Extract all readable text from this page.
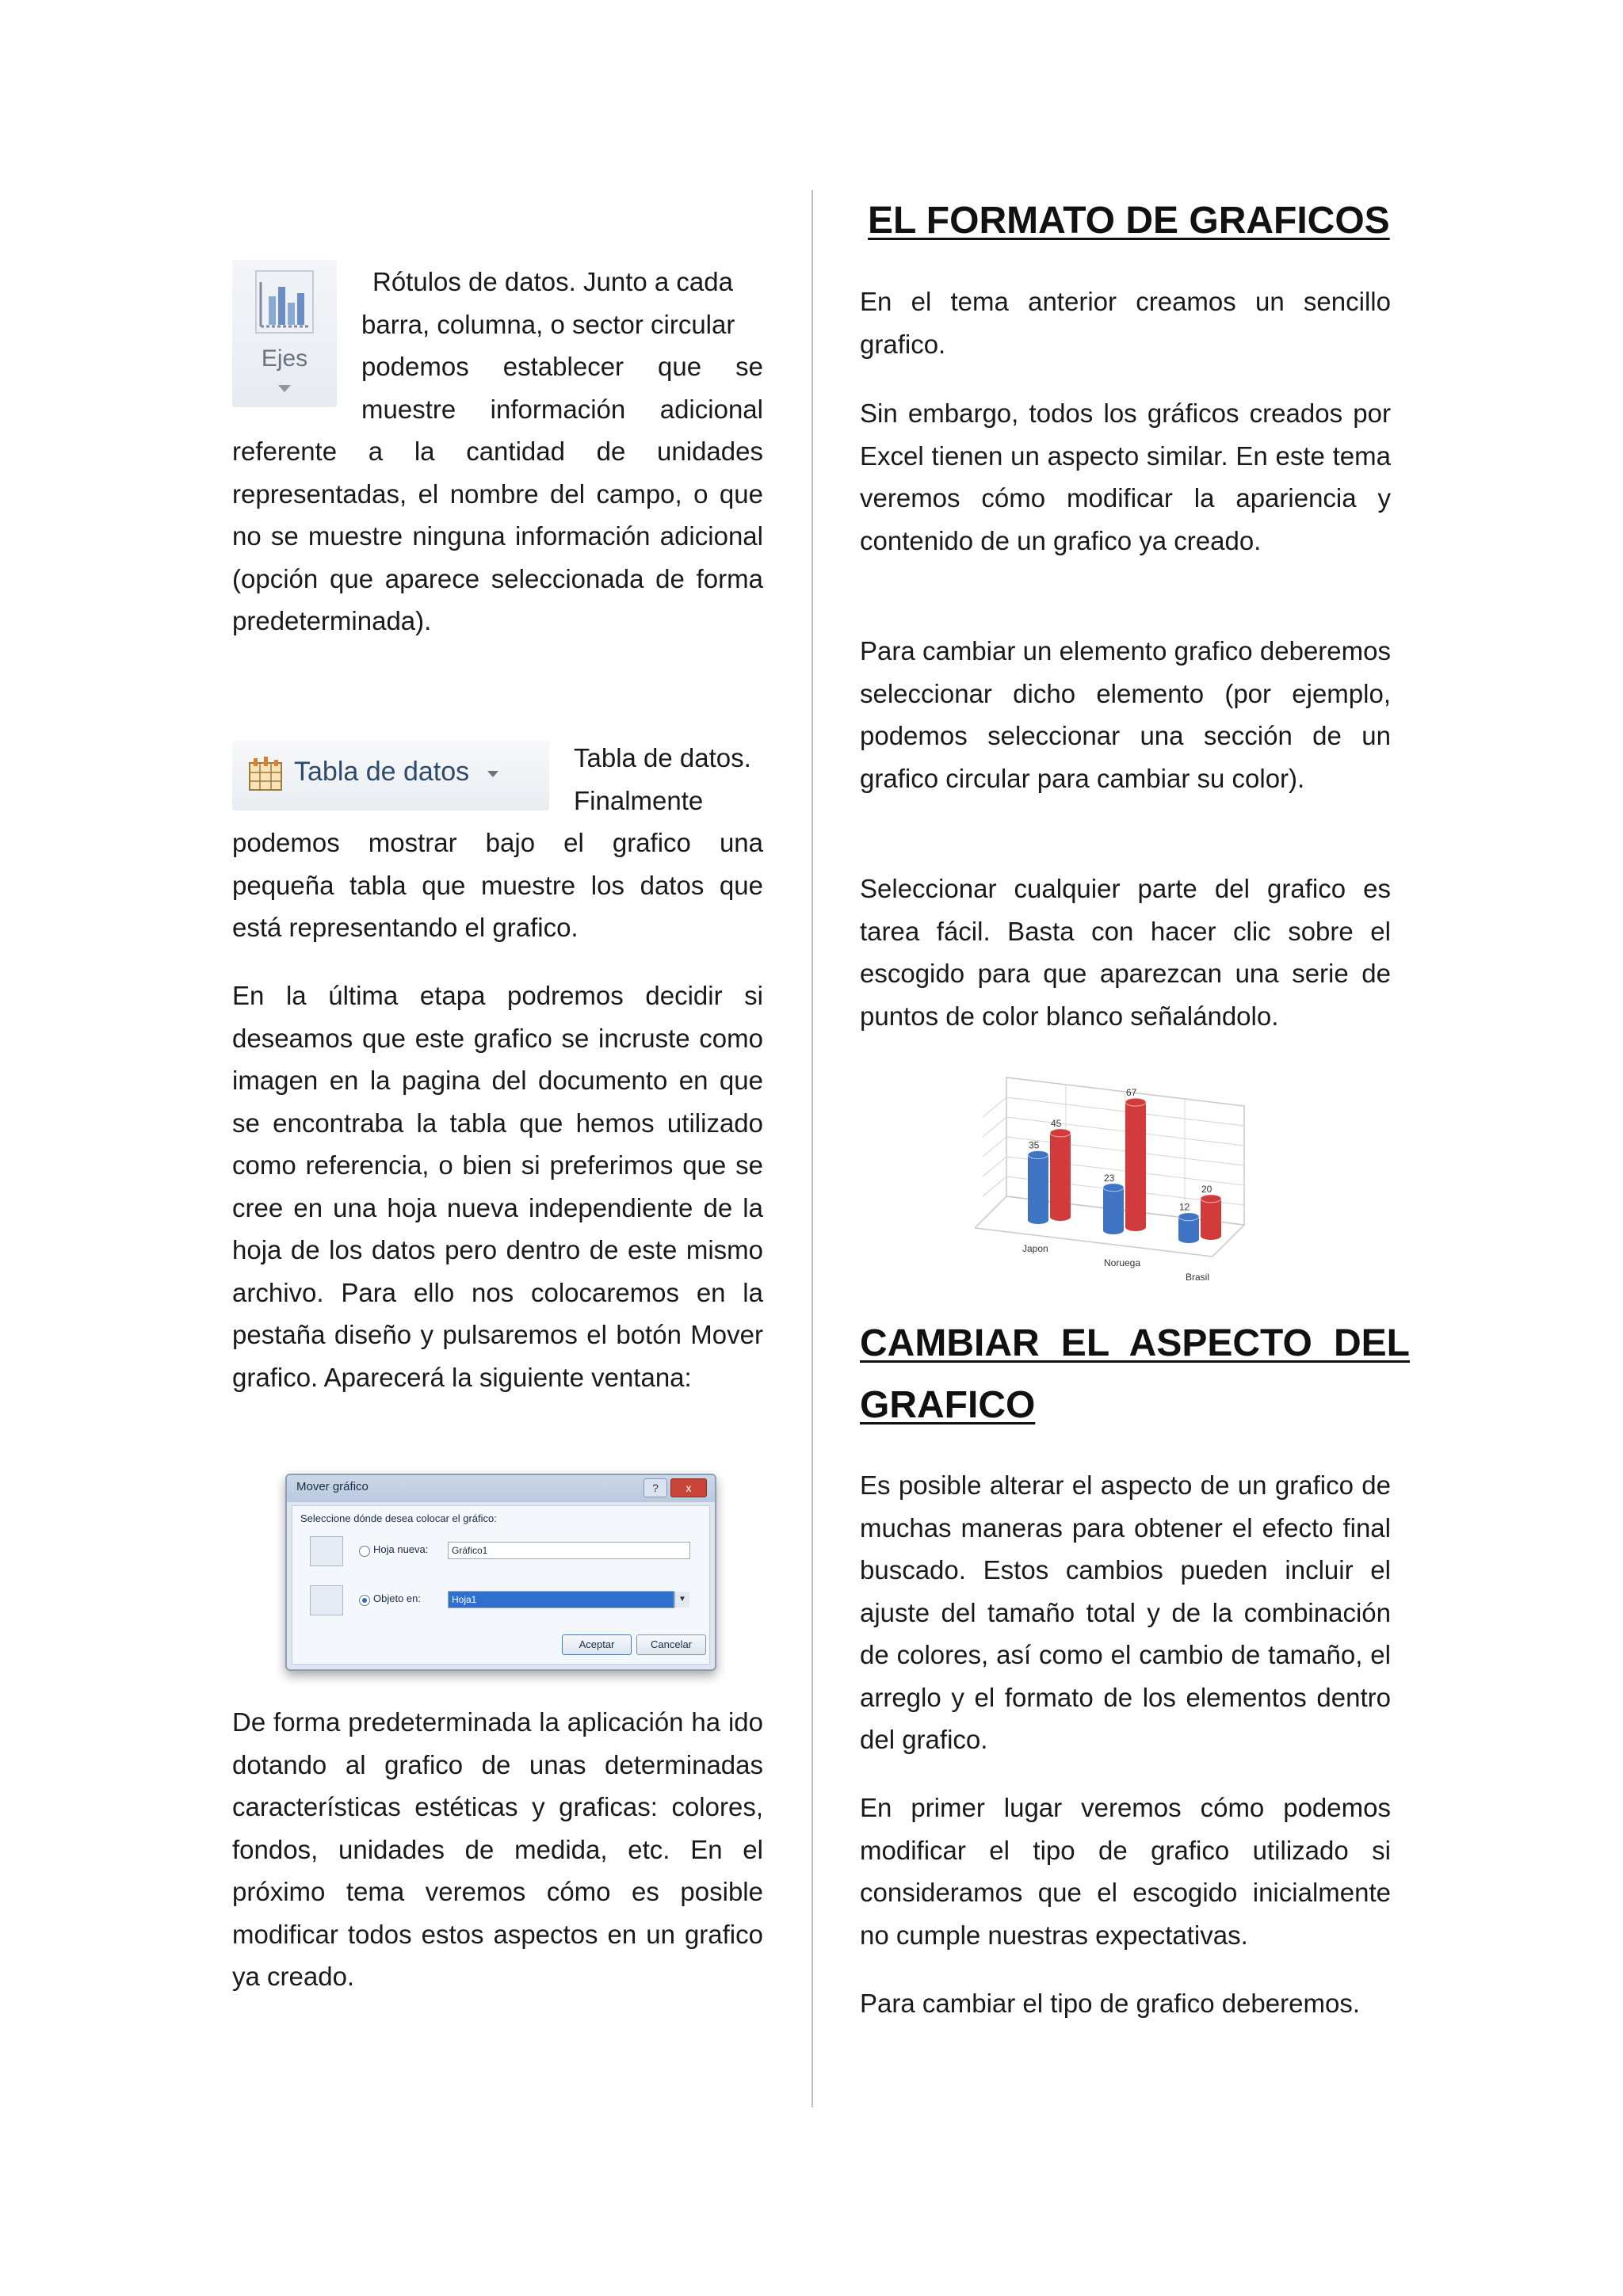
Ejes

Rótulos de datos. Junto a cada

barra, columna, o sector circular

podemos establecer que se

muestre información adicional

referente a la cantidad de unidades representadas, el nombre del campo, o que no se muestre ninguna información adicional (opción que aparece seleccionada de forma predeterminada).

Tabla de datos	Tabla de datos.

Finalmente

podemos mostrar bajo el grafico una pequeña tabla que muestre los datos que está representando el grafico.

En la última etapa podremos decidir si deseamos que este grafico se incruste como imagen en la pagina del documento en que se encontraba la tabla que hemos utilizado como referencia, o bien si preferimos que se cree en una hoja nueva independiente de la hoja de los datos pero dentro de este mismo archivo. Para ello nos colocaremos en la pestaña diseño y pulsaremos el botón Mover grafico. Aparecerá la siguiente ventana:

Mover gráfico	?	x
Seleccione dónde desea colocar el gráfico:
Hoja nueva:	Gráfico1
Objeto en:	Hoja1	▼
Aceptar	Cancelar

De forma predeterminada la aplicación ha ido dotando al grafico de unas determinadas características estéticas y graficas: colores, fondos, unidades de medida, etc. En el próximo tema veremos cómo es posible modificar todos estos aspectos en un grafico ya creado.

EL FORMATO DE GRAFICOS

En el tema anterior creamos un sencillo grafico.

Sin embargo, todos los gráficos creados por Excel tienen un aspecto similar. En este tema veremos cómo modificar la apariencia y contenido de un grafico ya creado.

Para cambiar un elemento grafico deberemos seleccionar dicho elemento (por ejemplo, podemos seleccionar una sección de un grafico circular para cambiar su color).

Seleccionar cualquier parte del grafico es tarea fácil. Basta con hacer clic sobre el escogido para que aparezcan una serie de puntos de color blanco señalándolo.

35
45
Japon
23
67
Noruega
12
20
Brasil
CAMBIAR EL ASPECTO DEL GRAFICO

Es posible alterar el aspecto de un grafico de muchas maneras para obtener el efecto final buscado. Estos cambios pueden incluir el ajuste del tamaño total y de la combinación de colores, así como el cambio de tamaño, el arreglo y el formato de los elementos dentro del grafico.

En primer lugar veremos cómo podemos modificar el tipo de grafico utilizado si consideramos que el escogido inicialmente no cumple nuestras expectativas.

Para cambiar el tipo de grafico deberemos.
